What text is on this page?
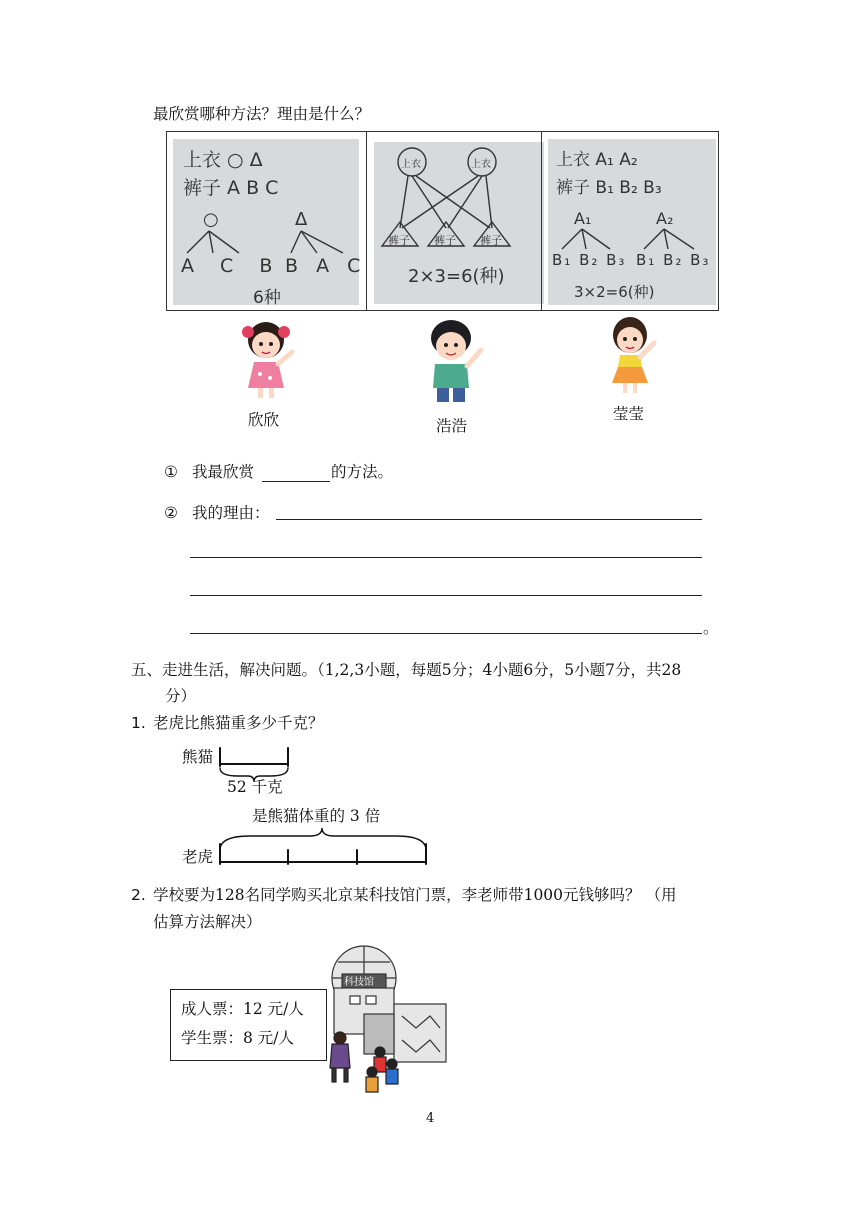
最欣赏哪种方法？理由是什么？
上衣 ○ Δ
裤子 A B C
○	Δ
A C B B A C
6种
上衣	上衣
裤子 裤子 裤子
2×3=6(种)
上衣 A₁ A₂
裤子 B₁ B₂ B₃
A₁	A₂
B₁ B₂ B₃ B₁ B₂ B₃
3×2=6(种)
欣欣	浩浩
莹莹
① 我最欣赏	的方法。
② 我的理由：
。
五、走进生活，解决问题。（1,2,3小题，每题5分；4小题6分，5小题7分，共28
分）
1. 老虎比熊猫重多少千克？
熊猫
52 千克
是熊猫体重的 3 倍
老虎
2. 学校要为128名同学购买北京某科技馆门票，李老师带1000元钱够吗？ （用
估算方法解决）
科技馆
成人票：12 元/人
学生票：8 元/人
4
